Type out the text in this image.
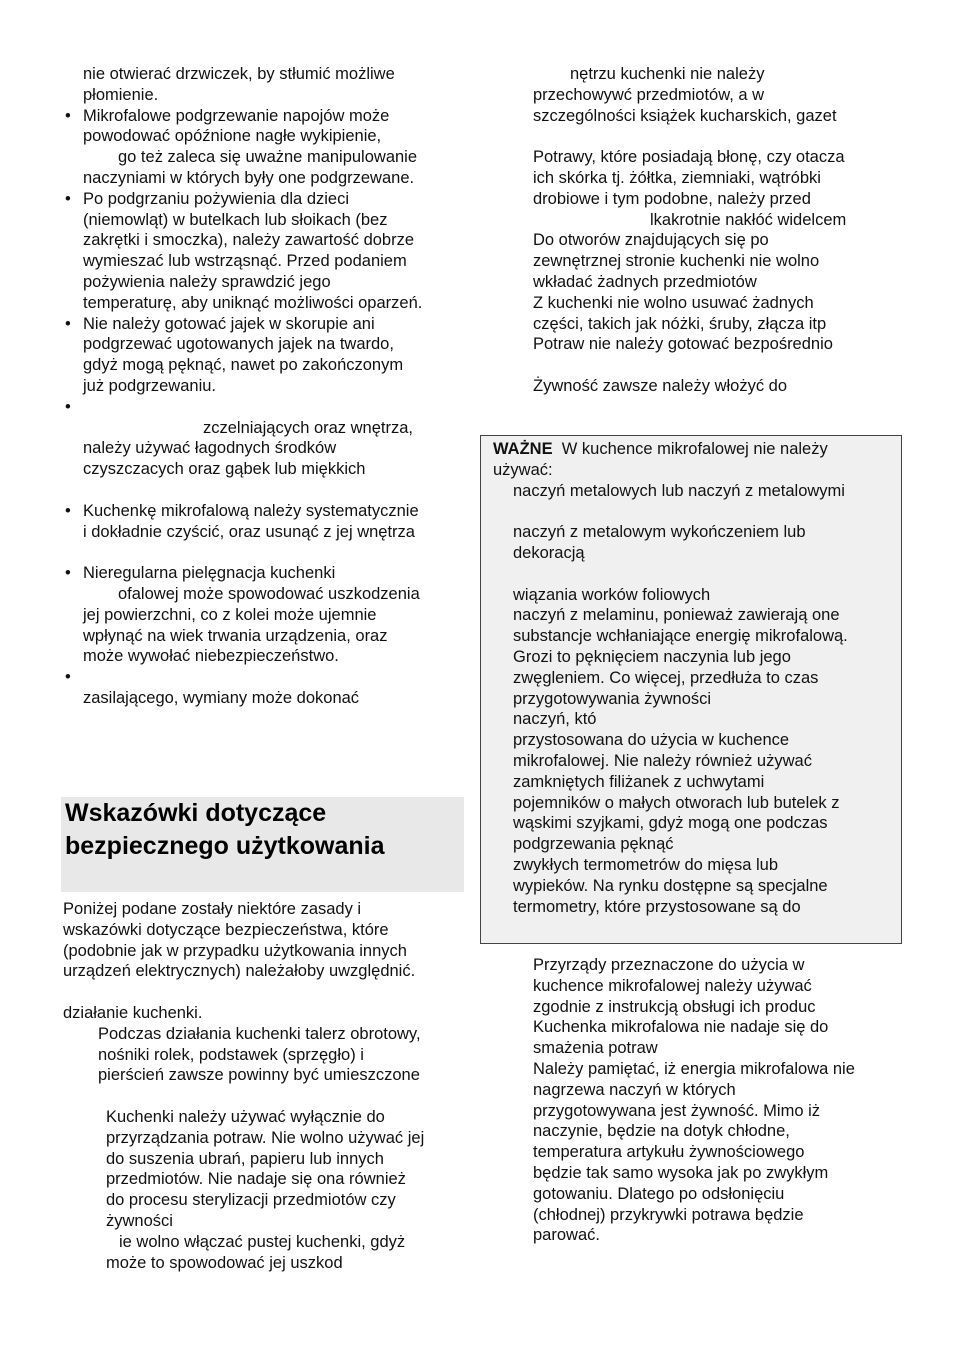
nie otwierać drzwiczek, by stłumić możliwe
płomienie.
• Mikrofalowe podgrzewanie napojów może
powodować opóźnione nagłe wykipienie,
go też zaleca się uważne manipulowanie
naczyniami w których były one podgrzewane.
• Po podgrzaniu pożywienia dla dzieci
(niemowląt) w butelkach lub słoikach (bez
zakrętki i smoczka), należy zawartość dobrze
wymieszać lub wstrząsnąć. Przed podaniem
pożywienia należy sprawdzić jego
temperaturę, aby uniknąć możliwości oparzeń.
• Nie należy gotować jajek w skorupie ani
podgrzewać ugotowanych jajek na twardo,
gdyż mogą pęknąć, nawet po zakończonym
już podgrzewaniu.
•
zczelniających oraz wnętrza,
należy używać łagodnych środków
czyszczacych oraz gąbek lub miękkich
• Kuchenkę mikrofalową należy systematycznie
i dokładnie czyścić, oraz usunąć z jej wnętrza
• Nieregularna pielęgnacja kuchenki
ofalowej może spowodować uszkodzenia
jej powierzchni, co z kolei może ujemnie
wpłynąć na wiek trwania urządzenia, oraz
może wywołać niebezpieczeństwo.
•
zasilającego, wymiany może dokonać
Wskazówki dotyczące
bezpiecznego użytkowania
Poniżej podane zostały niektóre zasady i
wskazówki dotyczące bezpieczeństwa, które
(podobnie jak w przypadku użytkowania innych
urządzeń elektrycznych) należałoby uwzględnić.
działanie kuchenki.
Podczas działania kuchenki talerz obrotowy,
nośniki rolek, podstawek (sprzęgło) i
pierścień zawsze powinny być umieszczone
Kuchenki należy używać wyłącznie do
przyrządzania potraw. Nie wolno używać jej
do suszenia ubrań, papieru lub innych
przedmiotów. Nie nadaje się ona również
do procesu sterylizacji przedmiotów czy
żywności
ie wolno włączać pustej kuchenki, gdyż
może to spowodować jej uszkod
nętrzu kuchenki nie należy
przechowywć przedmiotów, a w
szczególności książek kucharskich, gazet
Potrawy, które posiadają błonę, czy otacza
ich skórka tj. żółtka, ziemniaki, wątróbki
drobiowe i tym podobne, należy przed
lkakrotnie nakłóć widelcem
Do otworów znajdujących się po
zewnętrznej stronie kuchenki nie wolno
wkładać żadnych przedmiotów
Z kuchenki nie wolno usuwać żadnych
części, takich jak nóżki, śruby, złącza itp
Potraw nie należy gotować bezpośrednio
Żywność zawsze należy włożyć do
WAŻNE W kuchence mikrofalowej nie należy
używać:
naczyń metalowych lub naczyń z metalowymi
naczyń z metalowym wykończeniem lub
dekoracją
wiązania worków foliowych
naczyń z melaminu, ponieważ zawierają one
substancje wchłaniające energię mikrofalową.
Grozi to pęknięciem naczynia lub jego
zwęgleniem. Co więcej, przedłuża to czas
przygotowywania żywności
naczyń, któ
przystosowana do użycia w kuchence
mikrofalowej. Nie należy również używać
zamkniętych filiżanek z uchwytami
pojemników o małych otworach lub butelek z
wąskimi szyjkami, gdyż mogą one podczas
podgrzewania pęknąć
zwykłych termometrów do mięsa lub
wypieków. Na rynku dostępne są specjalne
termometry, które przystosowane są do
Przyrządy przeznaczone do użycia w
kuchence mikrofalowej należy używać
zgodnie z instrukcją obsługi ich produc
Kuchenka mikrofalowa nie nadaje się do
smażenia potraw
Należy pamiętać, iż energia mikrofalowa nie
nagrzewa naczyń w których
przygotowywana jest żywność. Mimo iż
naczynie, będzie na dotyk chłodne,
temperatura artykułu żywnościowego
będzie tak samo wysoka jak po zwykłym
gotowaniu. Dlatego po odsłonięciu
(chłodnej) przykrywki potrawa będzie
parować.
